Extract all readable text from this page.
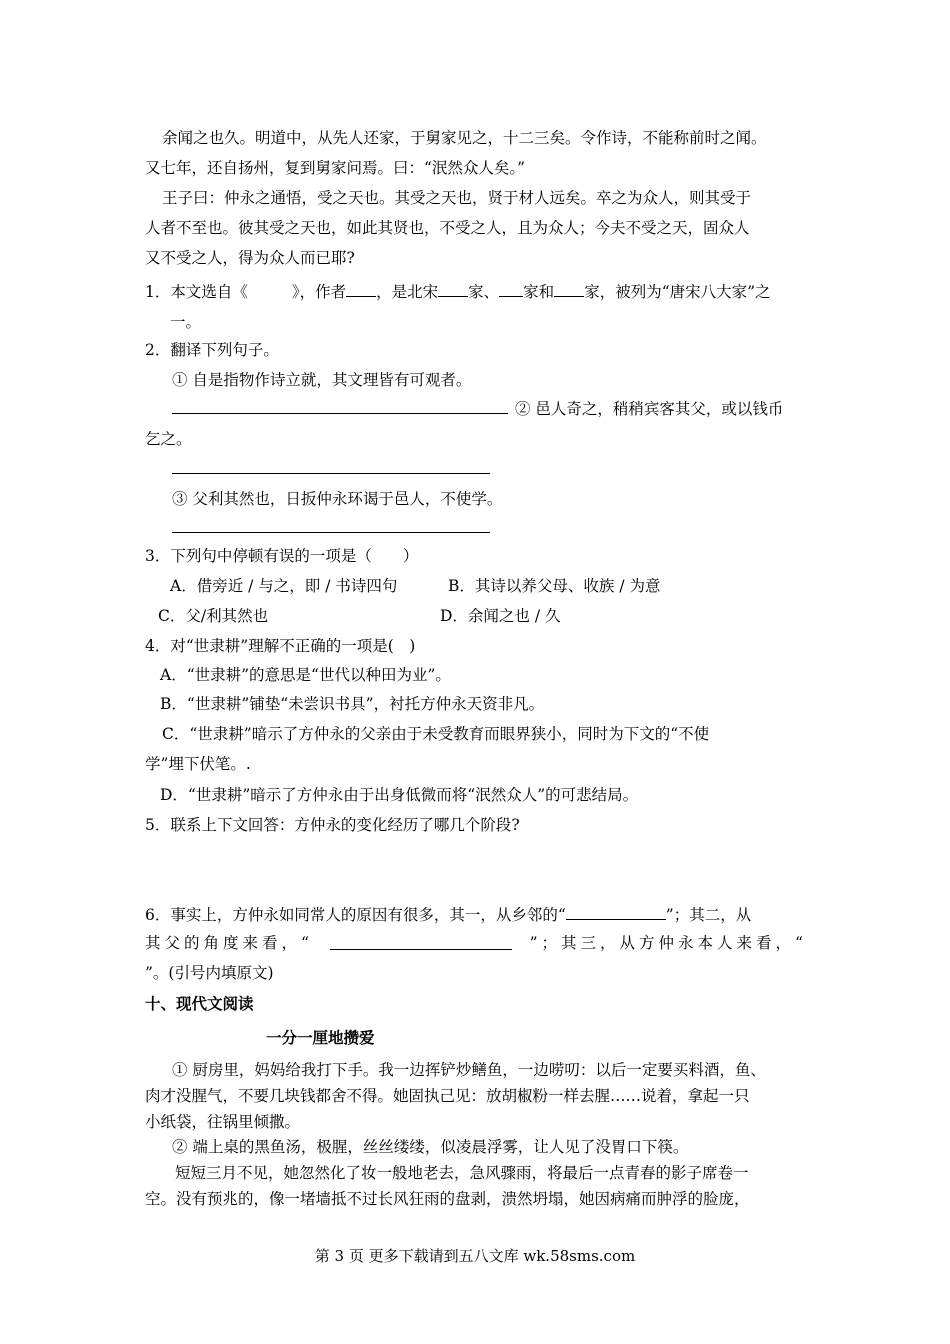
余闻之也久。明道中，从先人还家，于舅家见之，十二三矣。令作诗，不能称前时之闻。
又七年，还自扬州，复到舅家问焉。曰：“泯然众人矣。”
王子曰：仲永之通悟，受之天也。其受之天也，贤于材人远矣。卒之为众人，则其受于
人者不至也。彼其受之天也，如此其贤也，不受之人，且为众人；今夫不受之天，固众人
又不受之人，得为众人而已耶?
1．本文选自《	》，作者 ，是北宋 家、 家和 家，被列为“唐宋八大家”之
一。
2．翻译下列句子。
① 自是指物作诗立就，其文理皆有可观者。
② 邑人奇之，稍稍宾客其父，或以钱币
乞之。
③ 父利其然也，日扳仲永环谒于邑人，不使学。
3．下列句中停顿有误的一项是（　　）
A．借旁近 / 与之，即 / 书诗四句	B．其诗以养父母、收族 / 为意
C．父/利其然也	D．余闻之也 / 久
4．对“世隶耕”理解不正确的一项是(　)
A．“世隶耕”的意思是“世代以种田为业”。
B．“世隶耕”铺垫“未尝识书具”，衬托方仲永天资非凡。
C．“世隶耕”暗示了方仲永的父亲由于未受教育而眼界狭小，同时为下文的“不使
学”埋下伏笔。.
D．“世隶耕”暗示了方仲永由于出身低微而将“泯然众人”的可悲结局。
5．联系上下文回答：方仲永的变化经历了哪几个阶段?
6．事实上，方仲永如同常人的原因有很多，其一，从乡邻的“	”；其二，从
其父的角度来看，“	”；其三，从方仲永本人来看，“
”。(引号内填原文)
十、现代文阅读
一分一厘地攒爱
① 厨房里，妈妈给我打下手。我一边挥铲炒鳝鱼，一边唠叨：以后一定要买料酒，鱼、
肉才没腥气，不要几块钱都舍不得。她固执己见：放胡椒粉一样去腥……说着，拿起一只
小纸袋，往锅里倾撒。
② 端上桌的黑鱼汤，极腥，丝丝缕缕，似凌晨浮雾，让人见了没胃口下筷。
短短三月不见，她忽然化了妆一般地老去，急风骤雨，将最后一点青春的影子席卷一
空。没有预兆的，像一堵墙抵不过长风狂雨的盘剥，溃然坍塌，她因病痛而肿浮的脸庞，
第 3 页 更多下载请到五八文库 wk.58sms.com
